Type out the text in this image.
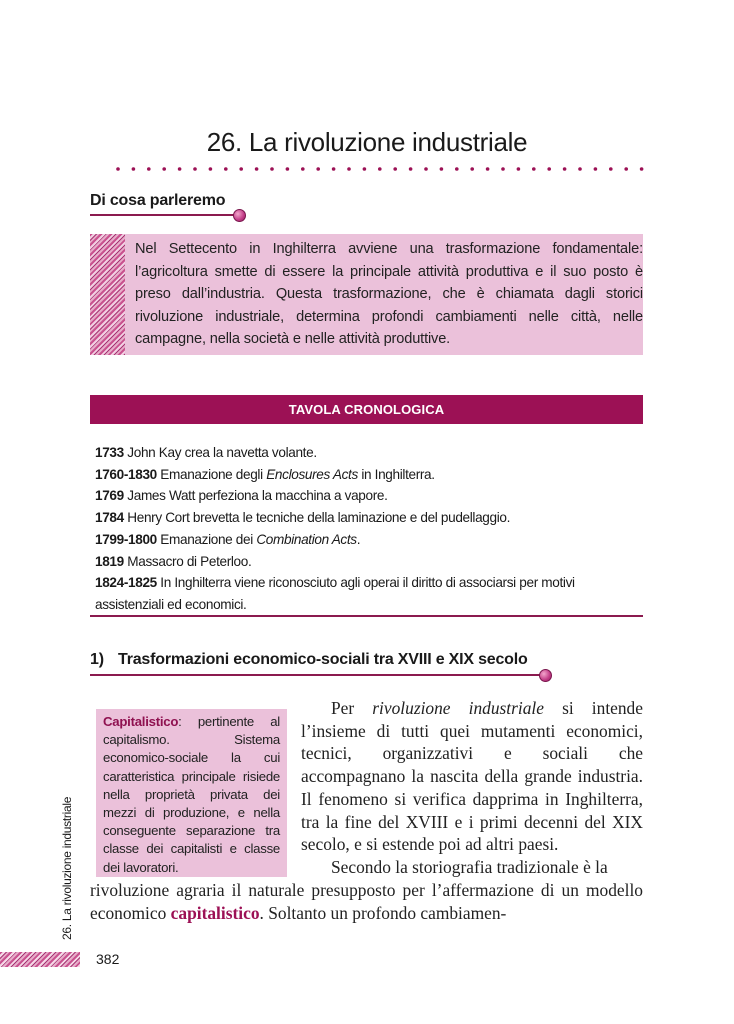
26. La rivoluzione industriale
Di cosa parleremo
Nel Settecento in Inghilterra avviene una trasformazione fondamentale: l’agricoltura smette di essere la principale attività produttiva e il suo posto è preso dall’industria. Questa trasformazione, che è chiamata dagli storici rivoluzione industriale, determina profondi cambiamenti nelle città, nelle campagne, nella società e nelle attività produttive.
TAVOLA CRONOLOGICA
1733 John Kay crea la navetta volante.
1760-1830 Emanazione degli Enclosures Acts in Inghilterra.
1769 James Watt perfeziona la macchina a vapore.
1784 Henry Cort brevetta le tecniche della laminazione e del pudellaggio.
1799-1800 Emanazione dei Combination Acts.
1819 Massacro di Peterloo.
1824-1825 In Inghilterra viene riconosciuto agli operai il diritto di associarsi per motivi assistenziali ed economici.
1) Trasformazioni economico-sociali tra XVIII e XIX secolo
Capitalistico: pertinente al capitalismo. Sistema economico-sociale la cui caratteristica principale risiede nella proprietà privata dei mezzi di produzione, e nella conseguente separazione tra classe dei capitalisti e classe dei lavoratori.

Per rivoluzione industriale si intende l’insieme di tutti quei mutamenti economici, tecnici, organizzativi e sociali che accompagnano la nascita della grande industria. Il fenomeno si verifica dapprima in Inghilterra, tra la fine del XVIII e i primi decenni del XIX secolo, e si estende poi ad altri paesi.

Secondo la storiografia tradizionale è la

rivoluzione agraria il naturale presupposto per l’affermazione di un modello economico capitalistico. Soltanto un profondo cambiamen-
26. La rivoluzione industriale
382
